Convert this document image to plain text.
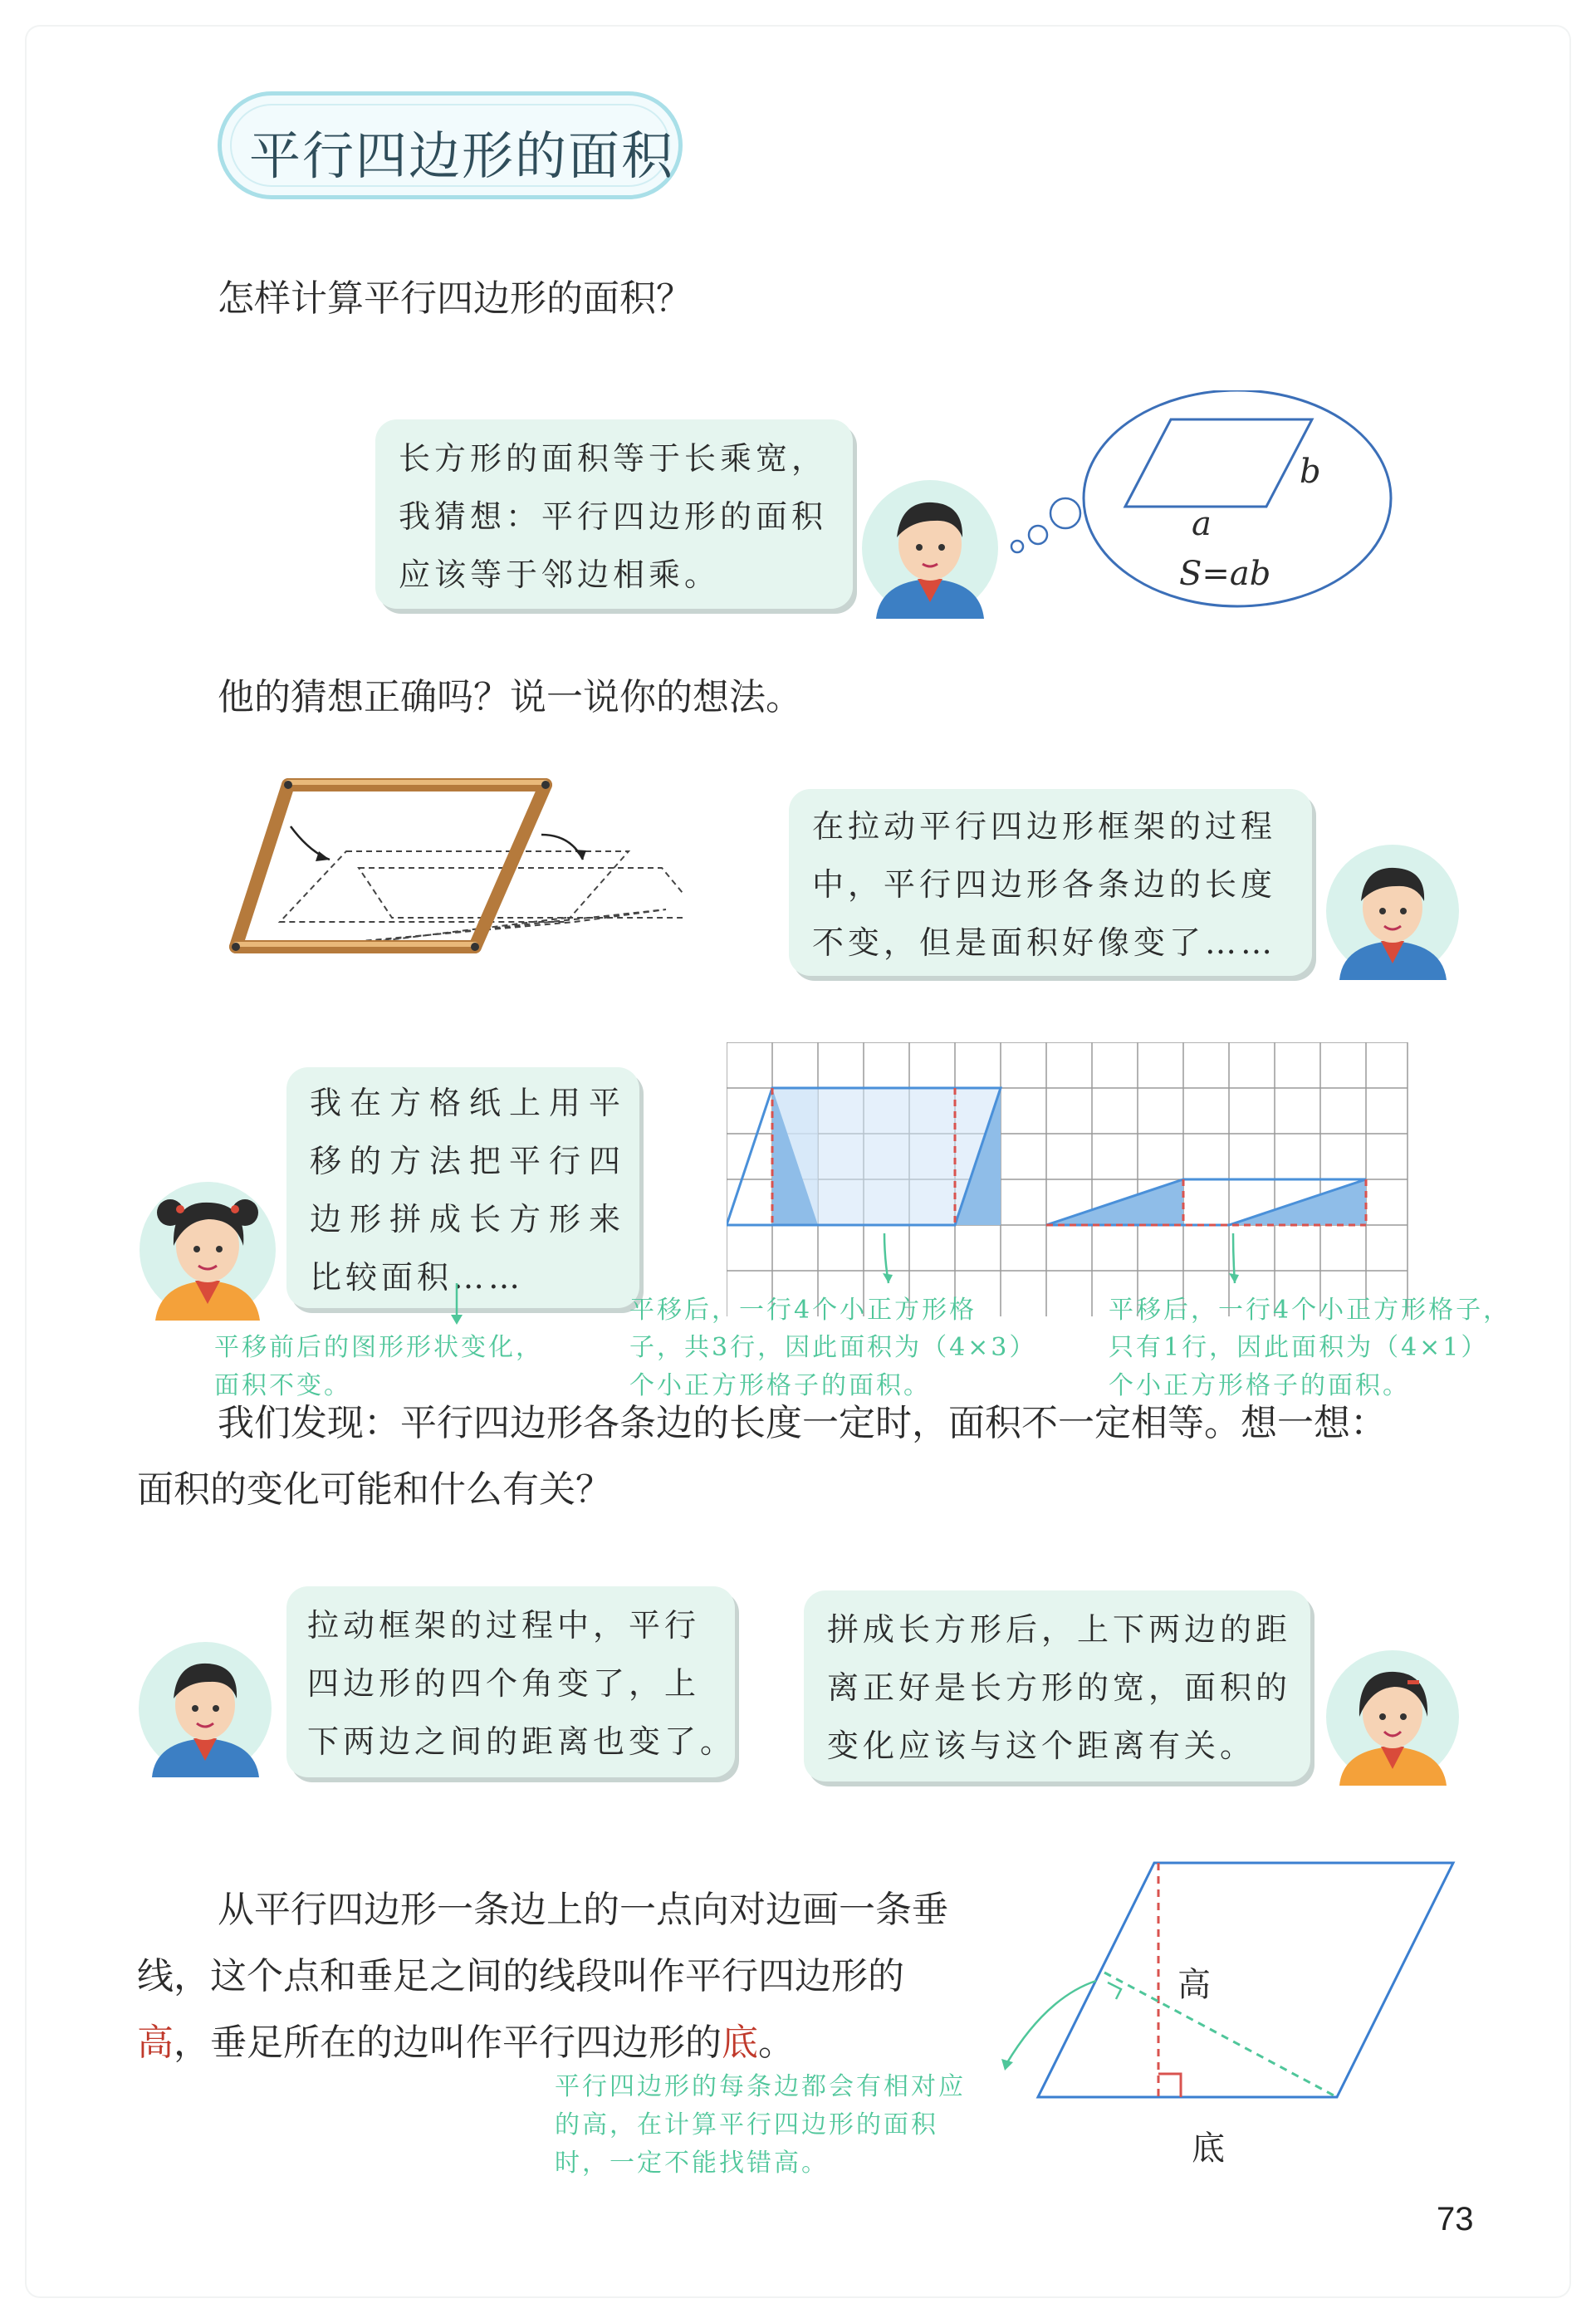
平行四边形的面积
怎样计算平行四边形的面积？
长方形的面积等于长乘宽，
我猜想：平行四边形的面积
应该等于邻边相乘。
a
b
S=ab
他的猜想正确吗？说一说你的想法。
在拉动平行四边形框架的过程
中，平行四边形各条边的长度
不变，但是面积好像变了……
我在方格纸上用平
移的方法把平行四
边形拼成长方形来
比较面积……
平移前后的图形形状变化，
面积不变。
平移后，一行4个小正方形格
子，共3行，因此面积为（4×3）
个小正方形格子的面积。
平移后，一行4个小正方形格子，
只有1行，因此面积为（4×1）
个小正方形格子的面积。
我们发现：平行四边形各条边的长度一定时，面积不一定相等。想一想：
面积的变化可能和什么有关？
拉动框架的过程中，平行
四边形的四个角变了，上
下两边之间的距离也变了。
拼成长方形后，上下两边的距
离正好是长方形的宽，面积的
变化应该与这个距离有关。
从平行四边形一条边上的一点向对边画一条垂
线，这个点和垂足之间的线段叫作平行四边形的
高，垂足所在的边叫作平行四边形的底。
高
底
平行四边形的每条边都会有相对应
的高，在计算平行四边形的面积
时，一定不能找错高。
73
